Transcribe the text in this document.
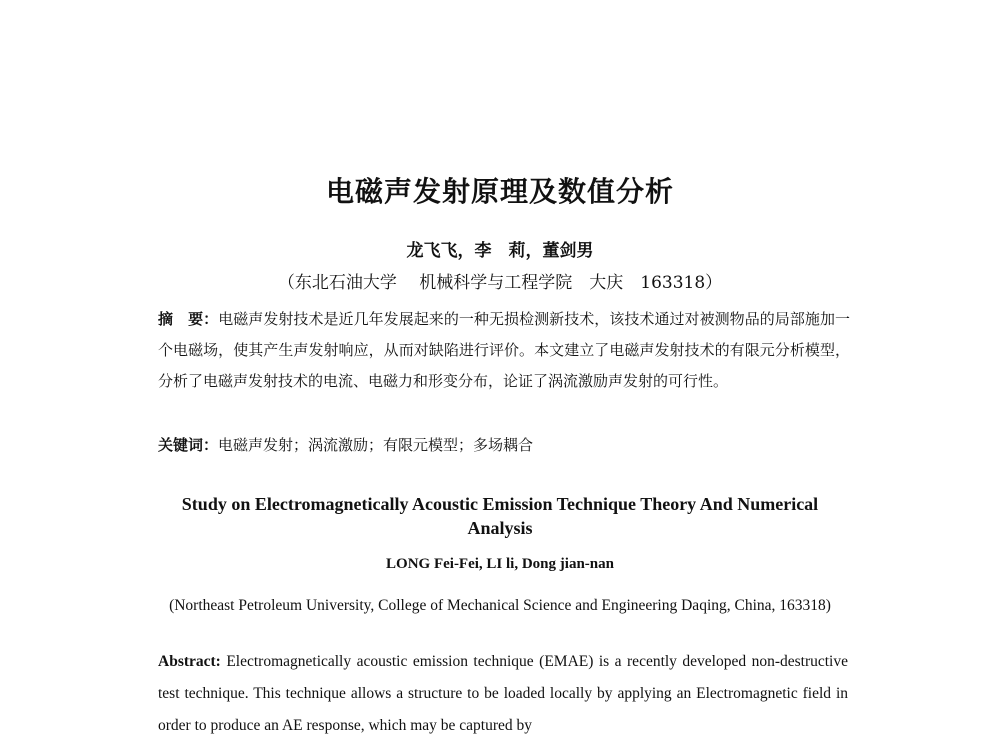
电磁声发射原理及数值分析
龙飞飞，李　莉，董剑男
（东北石油大学　 机械科学与工程学院　大庆　163318）
摘　要：电磁声发射技术是近几年发展起来的一种无损检测新技术，该技术通过对被测物品的局部施加一个电磁场，使其产生声发射响应，从而对缺陷进行评价。本文建立了电磁声发射技术的有限元分析模型，分析了电磁声发射技术的电流、电磁力和形变分布，论证了涡流激励声发射的可行性。
关键词：电磁声发射；涡流激励；有限元模型；多场耦合
Study on Electromagnetically Acoustic Emission Technique Theory And Numerical Analysis
LONG Fei-Fei, LI li, Dong jian-nan
(Northeast Petroleum University, College of Mechanical Science and Engineering Daqing, China, 163318)
Abstract: Electromagnetically acoustic emission technique (EMAE) is a recently developed non-destructive test technique. This technique allows a structure to be loaded locally by applying an Electromagnetic field in order to produce an AE response, which may be captured by
